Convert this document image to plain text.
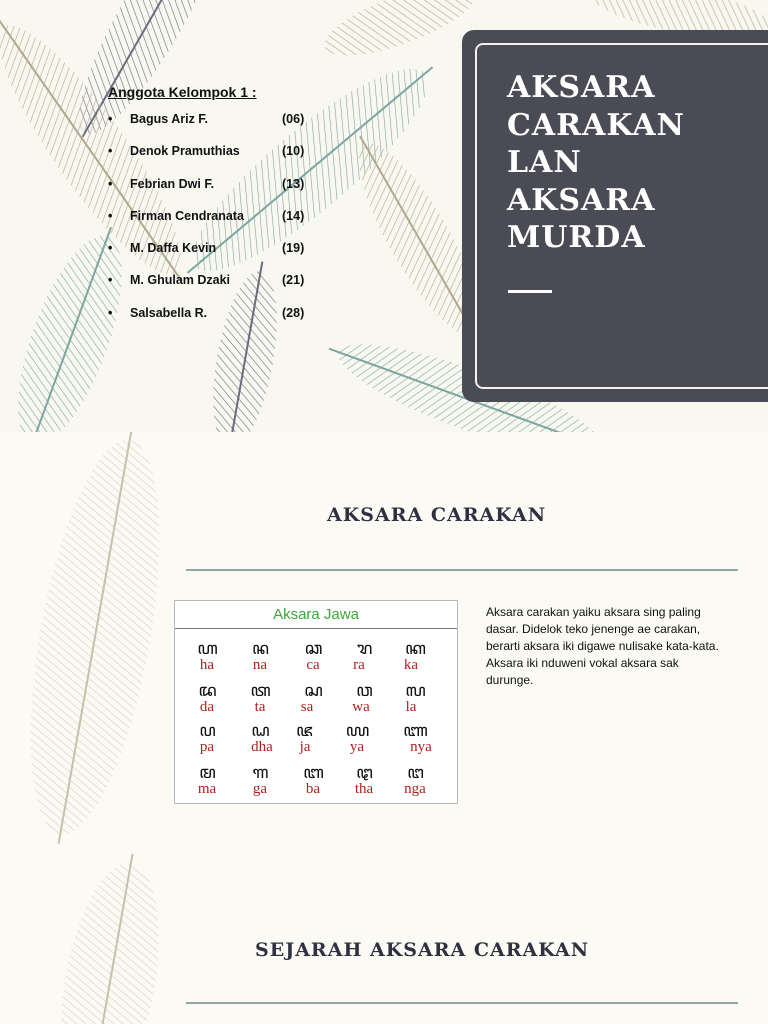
Anggota Kelompok 1 :

• Bagus Ariz F.	(06)
• Denok Pramuthias	(10)
• Febrian Dwi F.	(13)
• Firman Cendranata	(14)
• M. Daffa Kevin	(19)
• M. Ghulam Dzaki	(21)
• Salsabella R.	(28)
AKSARA
CARAKAN
LAN
AKSARA
MURDA
AKSARA CARAKAN
Aksara Jawa
ꦲ	ꦤ	ꦕ	ꦫ	ꦏ
ha	na	ca	ra	ka
ꦢ	ꦠ	ꦱ	ꦮ	ꦭ
da	ta	sa	wa	la
ꦥ	ꦝ	ꦗ	ꦪ	ꦚ
pa	dha	ja	ya	nya
ꦩ	ꦒ	ꦧ	ꦛ	ꦔ
ma	ga	ba	tha	nga

Aksara carakan yaiku aksara sing paling dasar. Didelok teko jenenge ae carakan, berarti aksara iki digawe nulisake kata-kata. Aksara iki nduweni vokal aksara sak durunge.

SEJARAH AKSARA CARAKAN
